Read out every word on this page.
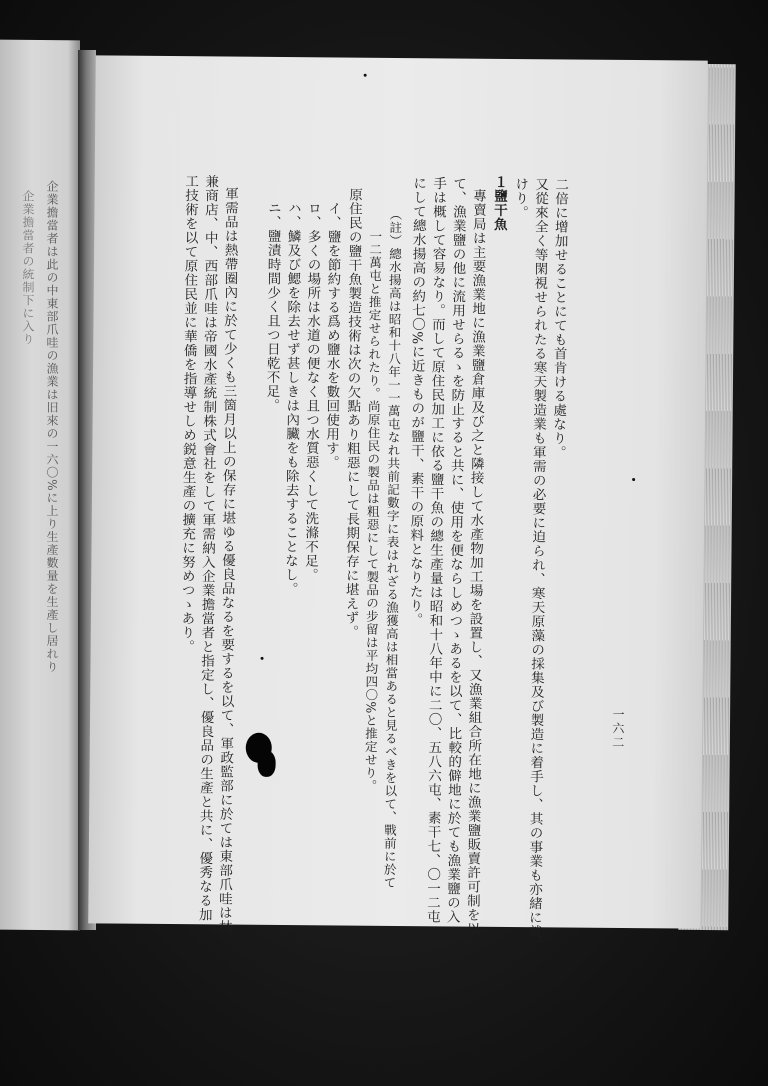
企業擔當者は此の中東部爪哇の漁業は旧來の一六〇%に上り生產數量を生產し居れり
企業擔當者の統制下に入り
一六二
二倍に增加せることにても首肯ける處なり。
又從來全く等閑視せられたる寒天製造業も軍需の必要に迫られ、寒天原藻の採集及び製造に着手し、其の事業も亦緒に就
けり。
１鹽干魚
專賣局は主要漁業地に漁業鹽倉庫及び之と隣接して水產物加工場を設置し、又漁業組合所在地に漁業鹽販賣許可制を以
て、漁業鹽の他に流用せらるゝを防止すると共に、使用を便ならしめつゝあるを以て、比較的僻地に於ても漁業鹽の入
手は概して容易なり。而して原住民加工に依る鹽干魚の總生產量は昭和十八年中に二〇、五八六屯、素干七、〇一二屯
にして總水揚高の約七〇%に近きものが鹽干、素干の原料となりたり。
（註）總水揚高は昭和十八年一一萬屯なれ共前記數字に表はれざる漁獲高は相當あると見るべきを以て、戰前に於て
一二萬屯と推定せられたり。尚原住民の製品は粗惡にして製品の步留は平均四〇%と推定せり。
原住民の鹽干魚製造技術は次の欠點あり粗惡にして長期保存に堪えず。
イ、鹽を節約する爲め鹽水を數回使用す。
ロ、多くの場所は水道の便なく且つ水質惡くして洗滌不足。
ハ、鱗及び鰓を除去せず甚しきは內臟をも除去することなし。
ニ、鹽漬時間少く且つ日乾不足。
軍需品は熱帶圈內に於て少くも三箇月以上の保存に堪ゆる優良品なるを要するを以て、軍政監部に於ては東部爪哇は林
兼商店、中、西部爪哇は帝國水產統制株式會社をして軍需納入企業擔當者と指定し、優良品の生產と共に、優秀なる加
工技術を以て原住民並に華僑を指導せしめ鋭意生產の擴充に努めつゝあり。
